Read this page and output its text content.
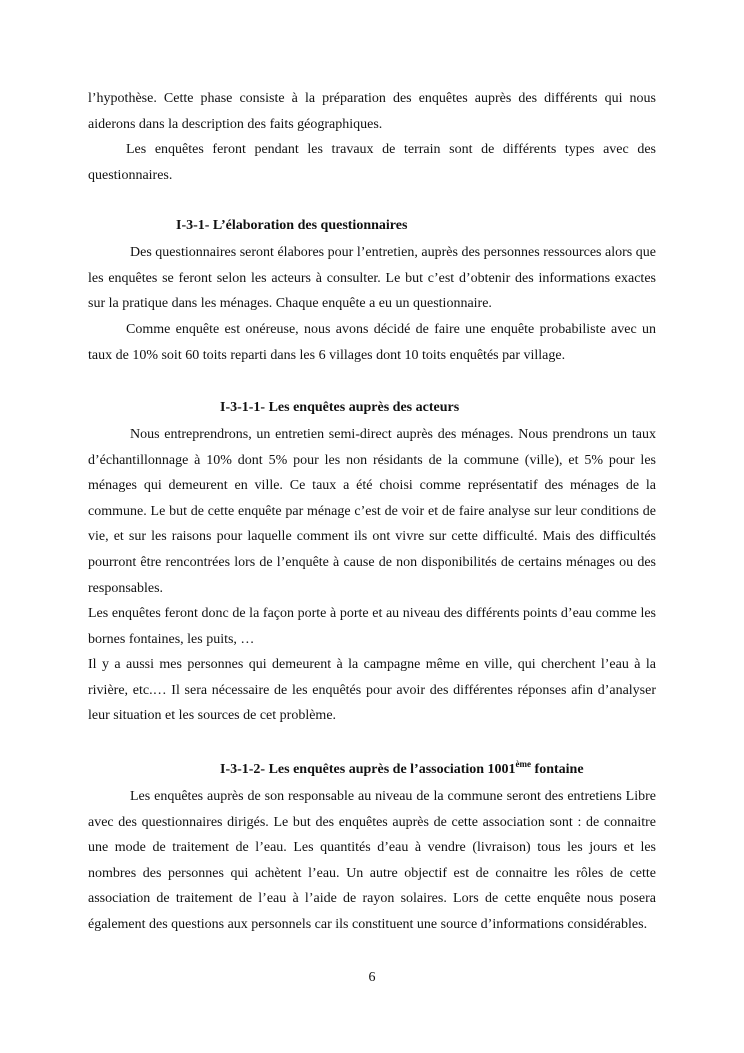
l’hypothèse. Cette phase consiste à la préparation des enquêtes auprès des différents qui nous aiderons dans la description des faits géographiques.

Les enquêtes feront pendant les travaux de terrain sont de différents types avec des questionnaires.

I-3-1- L’élaboration des questionnaires

Des questionnaires seront élabores pour l’entretien, auprès des personnes ressources alors que les enquêtes se feront selon les acteurs à consulter. Le but c’est d’obtenir des informations exactes sur la pratique dans les ménages. Chaque enquête a eu un questionnaire.

Comme enquête est onéreuse, nous avons décidé de faire une enquête probabiliste avec un taux de 10% soit 60 toits reparti dans les 6 villages dont 10 toits enquêtés par village.

I-3-1-1- Les enquêtes auprès des acteurs

Nous entreprendrons, un entretien semi-direct auprès des ménages. Nous prendrons un taux d’échantillonnage à 10% dont 5% pour les non résidants de la commune (ville), et 5% pour les ménages qui demeurent en ville. Ce taux a été choisi comme représentatif des ménages de la commune. Le but de cette enquête par ménage c’est de voir et de faire analyse sur leur conditions de vie, et sur les raisons pour laquelle comment ils ont vivre sur cette difficulté. Mais des difficultés pourront être rencontrées lors de l’enquête à cause de non disponibilités de certains ménages ou des responsables.

Les enquêtes feront donc de la façon porte à porte et au niveau des différents points d’eau comme les bornes fontaines, les puits, …

Il y a aussi mes personnes qui demeurent à la campagne même en ville, qui cherchent l’eau à la rivière, etc.… Il sera nécessaire de les enquêtés pour avoir des différentes réponses afin d’analyser leur situation et les sources de cet problème.

I-3-1-2- Les enquêtes auprès de l’association 1001ème fontaine

Les enquêtes auprès de son responsable au niveau de la commune seront des entretiens Libre avec des questionnaires dirigés. Le but des enquêtes auprès de cette association sont : de connaitre une mode de traitement de l’eau. Les quantités d’eau à vendre (livraison) tous les jours et les nombres des personnes qui achètent l’eau. Un autre objectif est de connaitre les rôles de cette association de traitement de l’eau à l’aide de rayon solaires. Lors de cette enquête nous posera également des questions aux personnels car ils constituent une source d’informations considérables.

6
